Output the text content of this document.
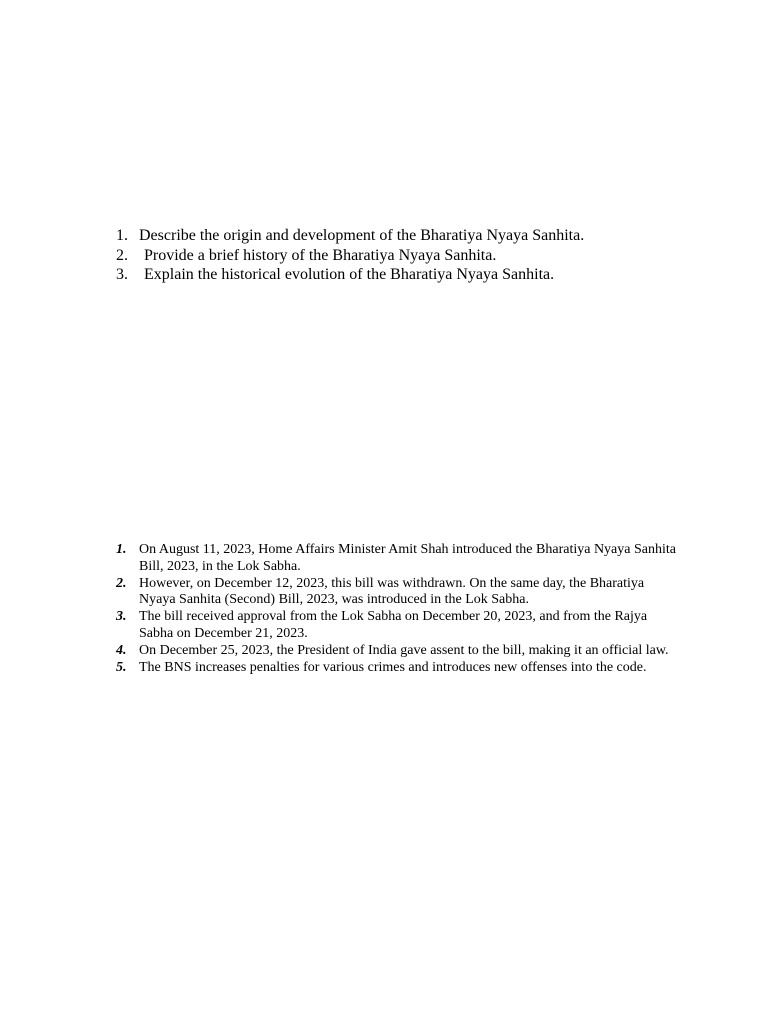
1. Describe the origin and development of the Bharatiya Nyaya Sanhita.
2.	Provide a brief history of the Bharatiya Nyaya Sanhita.
3.	Explain the historical evolution of the Bharatiya Nyaya Sanhita.
1. On August 11, 2023, Home Affairs Minister Amit Shah introduced the Bharatiya Nyaya Sanhita Bill, 2023, in the Lok Sabha.
2. However, on December 12, 2023, this bill was withdrawn. On the same day, the Bharatiya Nyaya Sanhita (Second) Bill, 2023, was introduced in the Lok Sabha.
3. The bill received approval from the Lok Sabha on December 20, 2023, and from the Rajya Sabha on December 21, 2023.
4. On December 25, 2023, the President of India gave assent to the bill, making it an official law.
5. The BNS increases penalties for various crimes and introduces new offenses into the code.
